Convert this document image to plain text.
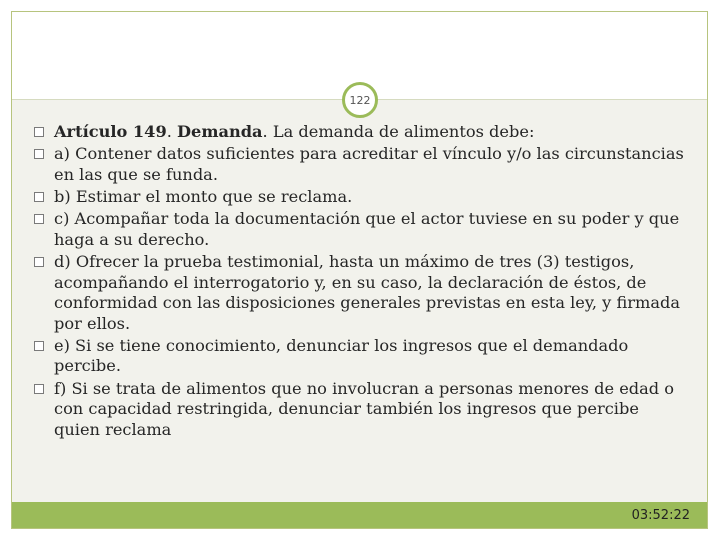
122
Artículo 149. Demanda. La demanda de alimentos debe:
a) Contener datos suficientes para acreditar el vínculo y/o las circunstancias en las que se funda.
b) Estimar el monto que se reclama.
c) Acompañar toda la documentación que el actor tuviese en su poder y que haga a su derecho.
d) Ofrecer la prueba testimonial, hasta un máximo de tres (3) testigos, acompañando el interrogatorio y, en su caso, la declaración de éstos, de conformidad con las disposiciones generales previstas en esta ley, y firmada por ellos.
e) Si se tiene conocimiento, denunciar los ingresos que el demandado percibe.
f) Si se trata de alimentos que no involucran a personas menores de edad o con capacidad restringida, denunciar también los ingresos que percibe quien reclama
03:52:22
